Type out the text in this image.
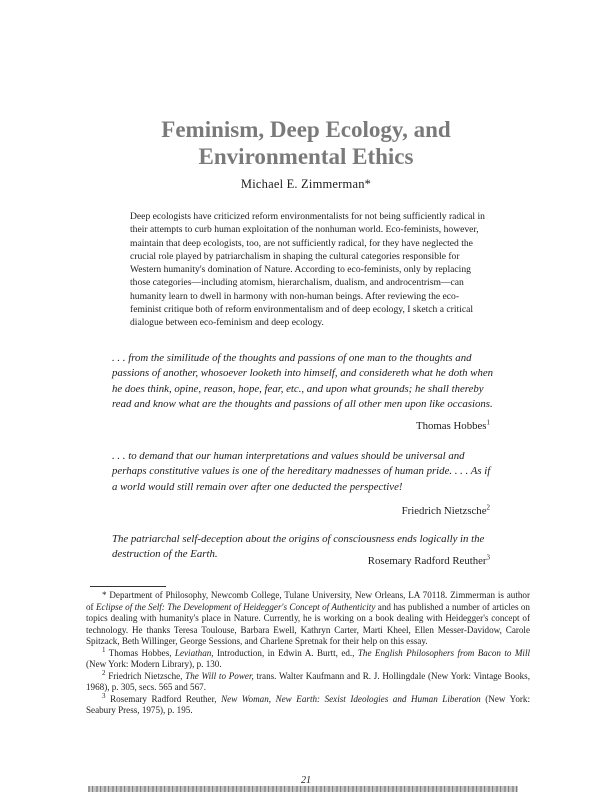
Feminism, Deep Ecology, and
Environmental Ethics
Michael E. Zimmerman*

Deep ecologists have criticized reform environmentalists for not being sufficiently radical in their attempts to curb human exploitation of the nonhuman world. Eco-feminists, however, maintain that deep ecologists, too, are not sufficiently radical, for they have neglected the crucial role played by patriarchalism in shaping the cultural categories responsible for Western humanity's domination of Nature. According to eco-feminists, only by replacing those categories—including atomism, hierarchalism, dualism, and androcentrism—can humanity learn to dwell in harmony with non-human beings. After reviewing the eco-feminist critique both of reform environmentalism and of deep ecology, I sketch a critical dialogue between eco-feminism and deep ecology.

. . . from the similitude of the thoughts and passions of one man to the thoughts and passions of another, whosoever looketh into himself, and considereth what he doth when he does think, opine, reason, hope, fear, etc., and upon what grounds; he shall thereby read and know what are the thoughts and passions of all other men upon like occasions.
Thomas Hobbes$^1$
. . . to demand that our human interpretations and values should be universal and perhaps constitutive values is one of the hereditary madnesses of human pride. . . . As if a world would still remain over after one deducted the perspective!
Friedrich Nietzsche$^2$
The patriarchal self-deception about the origins of consciousness ends logically in the destruction of the Earth.
Rosemary Radford Reuther$^3$
* Department of Philosophy, Newcomb College, Tulane University, New Orleans, LA 70118. Zimmerman is author of Eclipse of the Self: The Development of Heidegger's Concept of Authenticity and has published a number of articles on topics dealing with humanity's place in Nature. Currently, he is working on a book dealing with Heidegger's concept of technology. He thanks Teresa Toulouse, Barbara Ewell, Kathryn Carter, Marti Kheel, Ellen Messer-Davidow, Carole Spitzack, Beth Willinger, George Sessions, and Charlene Spretnak for their help on this essay.
$^1$ Thomas Hobbes, Leviathan, Introduction, in Edwin A. Burtt, ed., The English Philosophers from Bacon to Mill (New York: Modern Library), p. 130.
$^2$ Friedrich Nietzsche, The Will to Power, trans. Walter Kaufmann and R. J. Hollingdale (New York: Vintage Books, 1968), p. 305, secs. 565 and 567.
$^3$ Rosemary Radford Reuther, New Woman, New Earth: Sexist Ideologies and Human Liberation (New York: Seabury Press, 1975), p. 195.
21
